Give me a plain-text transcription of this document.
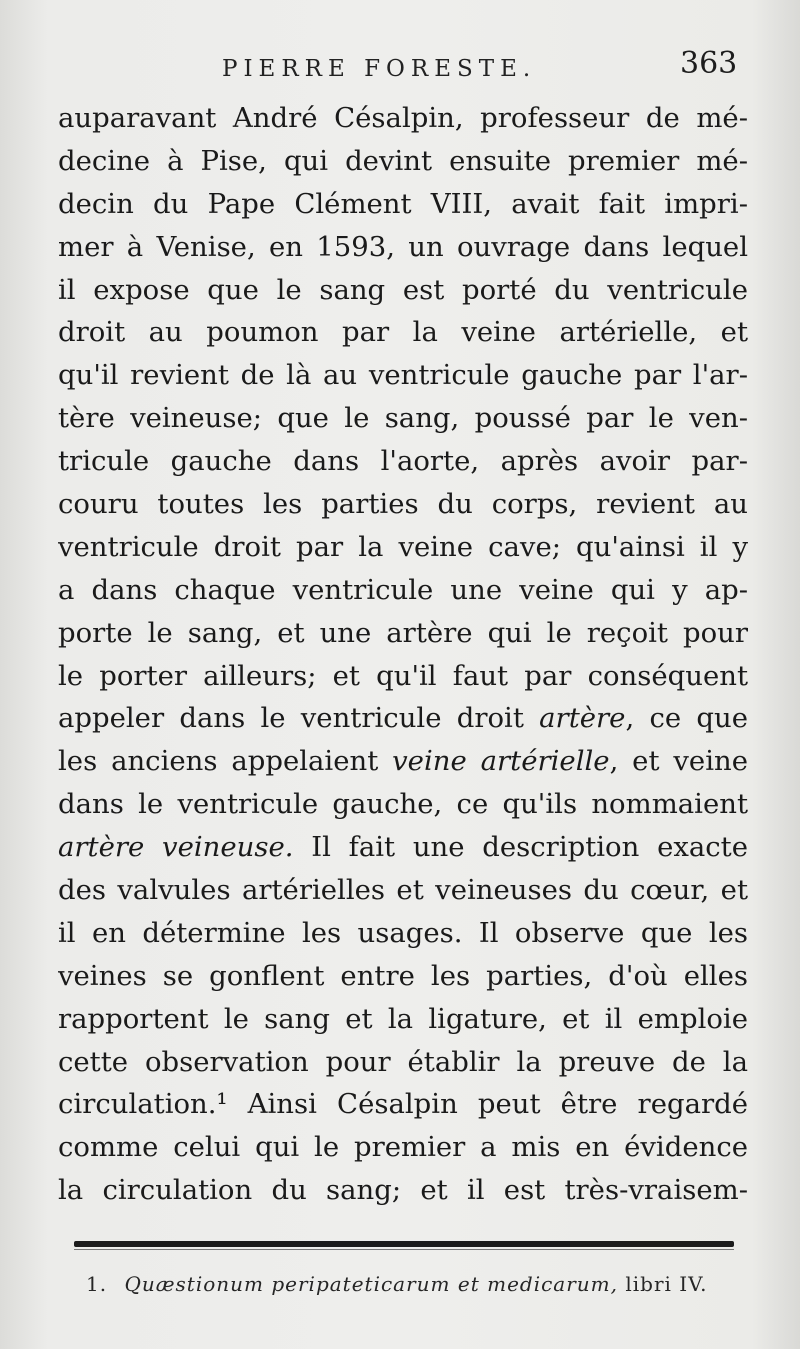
PIERRE FORESTE.	363
auparavant André Césalpin, professeur de mé-
decine à Pise, qui devint ensuite premier mé-
decin du Pape Clément VIII, avait fait impri-
mer à Venise, en 1593, un ouvrage dans lequel
il expose que le sang est porté du ventricule
droit au poumon par la veine artérielle, et
qu'il revient de là au ventricule gauche par l'ar-
tère veineuse; que le sang, poussé par le ven-
tricule gauche dans l'aorte, après avoir par-
couru toutes les parties du corps, revient au
ventricule droit par la veine cave; qu'ainsi il y
a dans chaque ventricule une veine qui y ap-
porte le sang, et une artère qui le reçoit pour
le porter ailleurs; et qu'il faut par conséquent
appeler dans le ventricule droit artère, ce que
les anciens appelaient veine artérielle, et veine
dans le ventricule gauche, ce qu'ils nommaient
artère veineuse. Il fait une description exacte
des valvules artérielles et veineuses du cœur, et
il en détermine les usages. Il observe que les
veines se gonflent entre les parties, d'où elles
rapportent le sang et la ligature, et il emploie
cette observation pour établir la preuve de la
circulation.¹ Ainsi Césalpin peut être regardé
comme celui qui le premier a mis en évidence
la circulation du sang; et il est très-vraisem-
1. Quæstionum peripateticarum et medicarum, libri IV.
